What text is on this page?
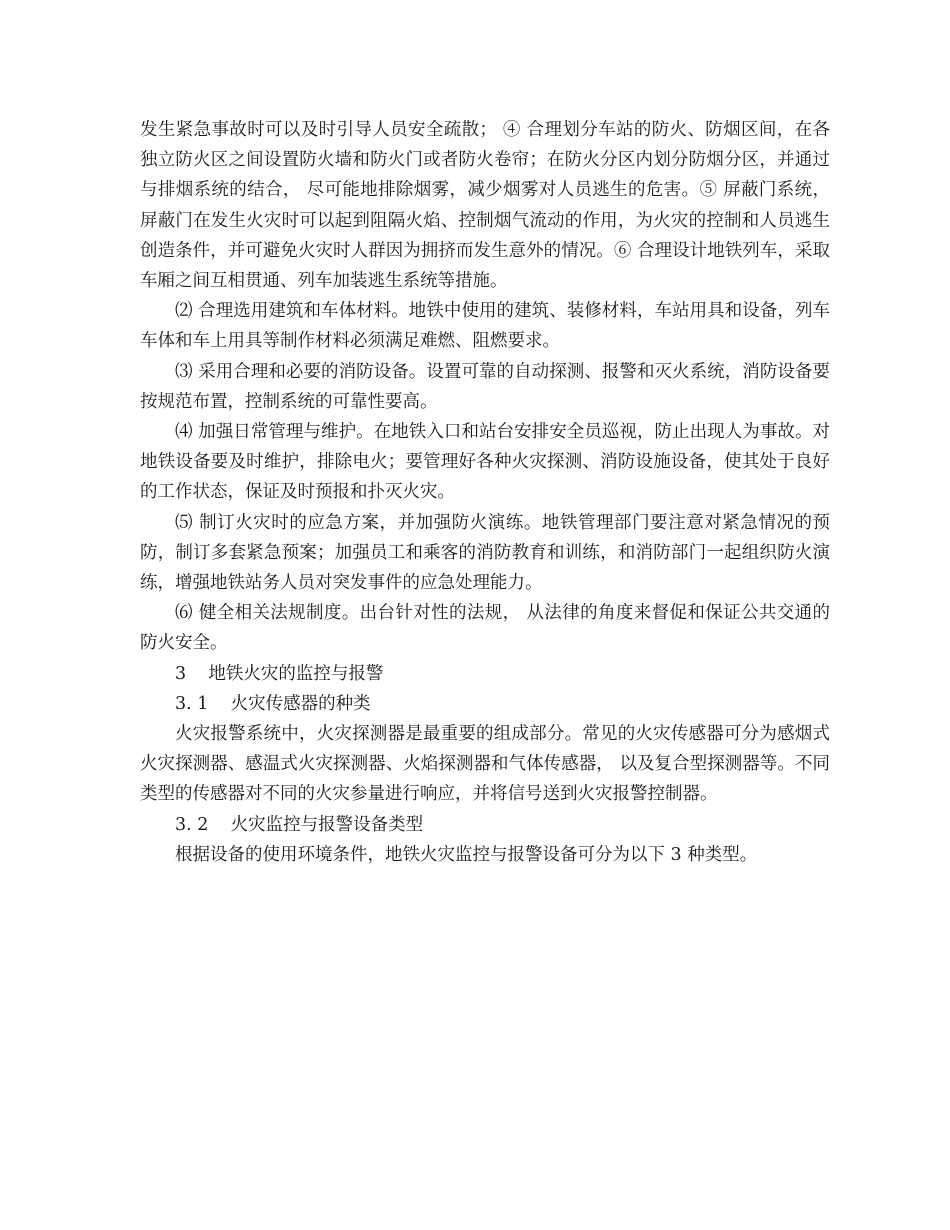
发生紧急事故时可以及时引导人员安全疏散； ④ 合理划分车站的防火、防烟区间，在各独立防火区之间设置防火墙和防火门或者防火卷帘；在防火分区内划分防烟分区，并通过与排烟系统的结合， 尽可能地排除烟雾，减少烟雾对人员逃生的危害。⑤ 屏蔽门系统，屏蔽门在发生火灾时可以起到阻隔火焰、控制烟气流动的作用，为火灾的控制和人员逃生创造条件，并可避免火灾时人群因为拥挤而发生意外的情况。⑥ 合理设计地铁列车，采取车厢之间互相贯通、列车加装逃生系统等措施。

⑵ 合理选用建筑和车体材料。地铁中使用的建筑、装修材料，车站用具和设备，列车车体和车上用具等制作材料必须满足难燃、阻燃要求。

⑶ 采用合理和必要的消防设备。设置可靠的自动探测、报警和灭火系统，消防设备要按规范布置，控制系统的可靠性要高。

⑷ 加强日常管理与维护。在地铁入口和站台安排安全员巡视，防止出现人为事故。对地铁设备要及时维护，排除电火；要管理好各种火灾探测、消防设施设备，使其处于良好的工作状态，保证及时预报和扑灭火灾。

⑸ 制订火灾时的应急方案，并加强防火演练。地铁管理部门要注意对紧急情况的预防，制订多套紧急预案；加强员工和乘客的消防教育和训练，和消防部门一起组织防火演练，增强地铁站务人员对突发事件的应急处理能力。

⑹ 健全相关法规制度。出台针对性的法规， 从法律的角度来督促和保证公共交通的防火安全。

3    地铁火灾的监控与报警

3. 1    火灾传感器的种类

火灾报警系统中，火灾探测器是最重要的组成部分。常见的火灾传感器可分为感烟式火灾探测器、感温式火灾探测器、火焰探测器和气体传感器， 以及复合型探测器等。不同类型的传感器对不同的火灾参量进行响应，并将信号送到火灾报警控制器。

3. 2    火灾监控与报警设备类型

根据设备的使用环境条件，地铁火灾监控与报警设备可分为以下 3 种类型。
